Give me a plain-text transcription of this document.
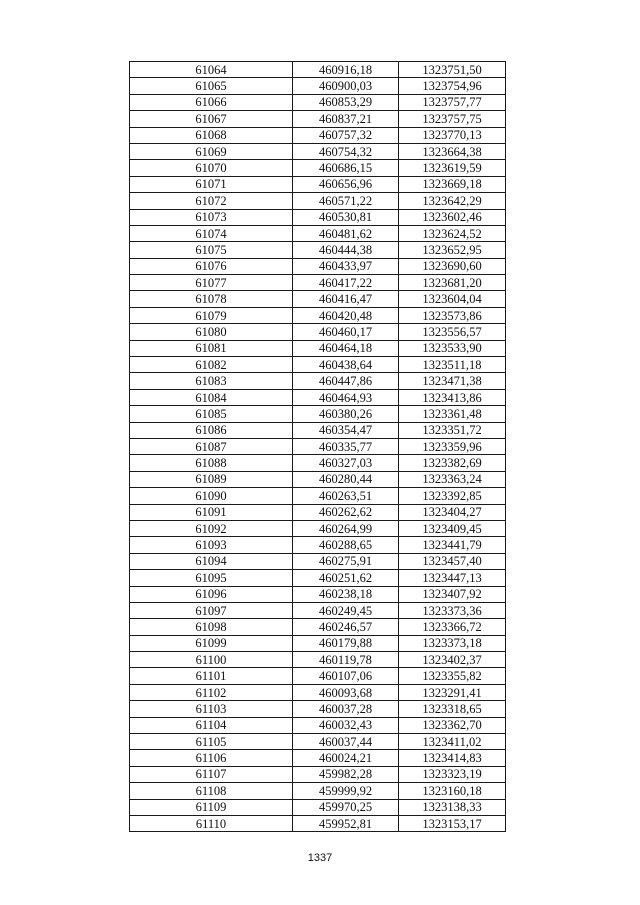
61064	460916,18	1323751,50
61065	460900,03	1323754,96
61066	460853,29	1323757,77
61067	460837,21	1323757,75
61068	460757,32	1323770,13
61069	460754,32	1323664,38
61070	460686,15	1323619,59
61071	460656,96	1323669,18
61072	460571,22	1323642,29
61073	460530,81	1323602,46
61074	460481,62	1323624,52
61075	460444,38	1323652,95
61076	460433,97	1323690,60
61077	460417,22	1323681,20
61078	460416,47	1323604,04
61079	460420,48	1323573,86
61080	460460,17	1323556,57
61081	460464,18	1323533,90
61082	460438,64	1323511,18
61083	460447,86	1323471,38
61084	460464,93	1323413,86
61085	460380,26	1323361,48
61086	460354,47	1323351,72
61087	460335,77	1323359,96
61088	460327,03	1323382,69
61089	460280,44	1323363,24
61090	460263,51	1323392,85
61091	460262,62	1323404,27
61092	460264,99	1323409,45
61093	460288,65	1323441,79
61094	460275,91	1323457,40
61095	460251,62	1323447,13
61096	460238,18	1323407,92
61097	460249,45	1323373,36
61098	460246,57	1323366,72
61099	460179,88	1323373,18
61100	460119,78	1323402,37
61101	460107,06	1323355,82
61102	460093,68	1323291,41
61103	460037,28	1323318,65
61104	460032,43	1323362,70
61105	460037,44	1323411,02
61106	460024,21	1323414,83
61107	459982,28	1323323,19
61108	459999,92	1323160,18
61109	459970,25	1323138,33
61110	459952,81	1323153,17
1337
